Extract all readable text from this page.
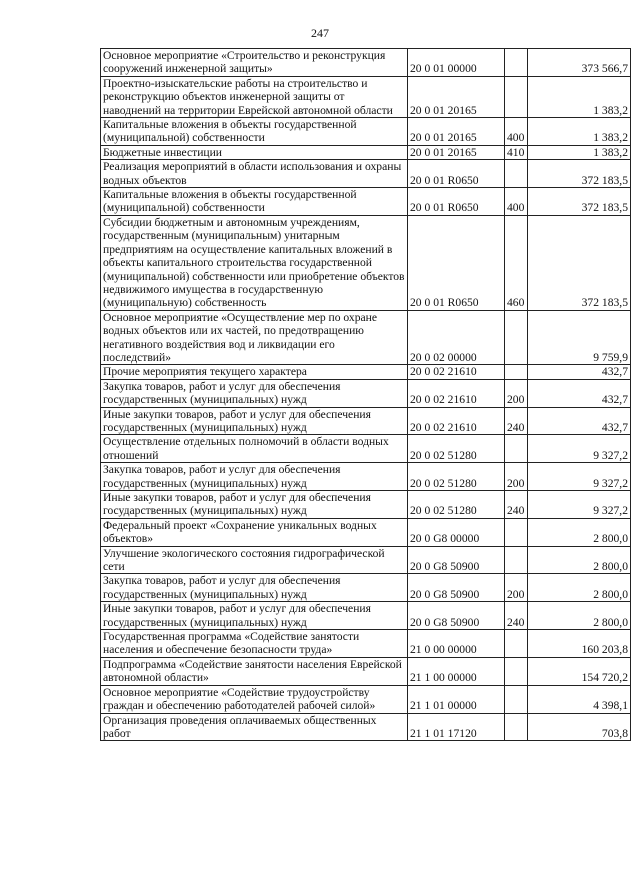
247
Основное мероприятие «Строительство и реконструкция сооружений инженерной защиты»	20 0 01 00000		373 566,7
Проектно-изыскательские работы на строительство и реконструкцию объектов инженерной защиты от наводнений на территории Еврейской автономной области	20 0 01 20165		1 383,2
Капитальные вложения в объекты государственной (муниципальной) собственности	20 0 01 20165	400	1 383,2
Бюджетные инвестиции	20 0 01 20165	410	1 383,2
Реализация мероприятий в области использования и охраны водных объектов	20 0 01 R0650		372 183,5
Капитальные вложения в объекты государственной (муниципальной) собственности	20 0 01 R0650	400	372 183,5
Субсидии бюджетным и автономным учреждениям, государственным (муниципальным) унитарным предприятиям на осуществление капитальных вложений в объекты капитального строительства государственной (муниципальной) собственности или приобретение объектов недвижимого имущества в государственную (муниципальную) собственность	20 0 01 R0650	460	372 183,5
Основное мероприятие «Осуществление мер по охране водных объектов или их частей, по предотвращению негативного воздействия вод и ликвидации его последствий»	20 0 02 00000		9 759,9
Прочие мероприятия текущего характера	20 0 02 21610		432,7
Закупка товаров, работ и услуг для обеспечения государственных (муниципальных) нужд	20 0 02 21610	200	432,7
Иные закупки товаров, работ и услуг для обеспечения государственных (муниципальных) нужд	20 0 02 21610	240	432,7
Осуществление отдельных полномочий в области водных отношений	20 0 02 51280		9 327,2
Закупка товаров, работ и услуг для обеспечения государственных (муниципальных) нужд	20 0 02 51280	200	9 327,2
Иные закупки товаров, работ и услуг для обеспечения государственных (муниципальных) нужд	20 0 02 51280	240	9 327,2
Федеральный проект «Сохранение уникальных водных объектов»	20 0 G8 00000		2 800,0
Улучшение экологического состояния гидрографической сети	20 0 G8 50900		2 800,0
Закупка товаров, работ и услуг для обеспечения государственных (муниципальных) нужд	20 0 G8 50900	200	2 800,0
Иные закупки товаров, работ и услуг для обеспечения государственных (муниципальных) нужд	20 0 G8 50900	240	2 800,0
Государственная программа «Содействие занятости населения и обеспечение безопасности труда»	21 0 00 00000		160 203,8
Подпрограмма «Содействие занятости населения Еврейской автономной области»	21 1 00 00000		154 720,2
Основное мероприятие «Содействие трудоустройству граждан и обеспечению работодателей рабочей силой»	21 1 01 00000		4 398,1
Организация проведения оплачиваемых общественных работ	21 1 01 17120		703,8
